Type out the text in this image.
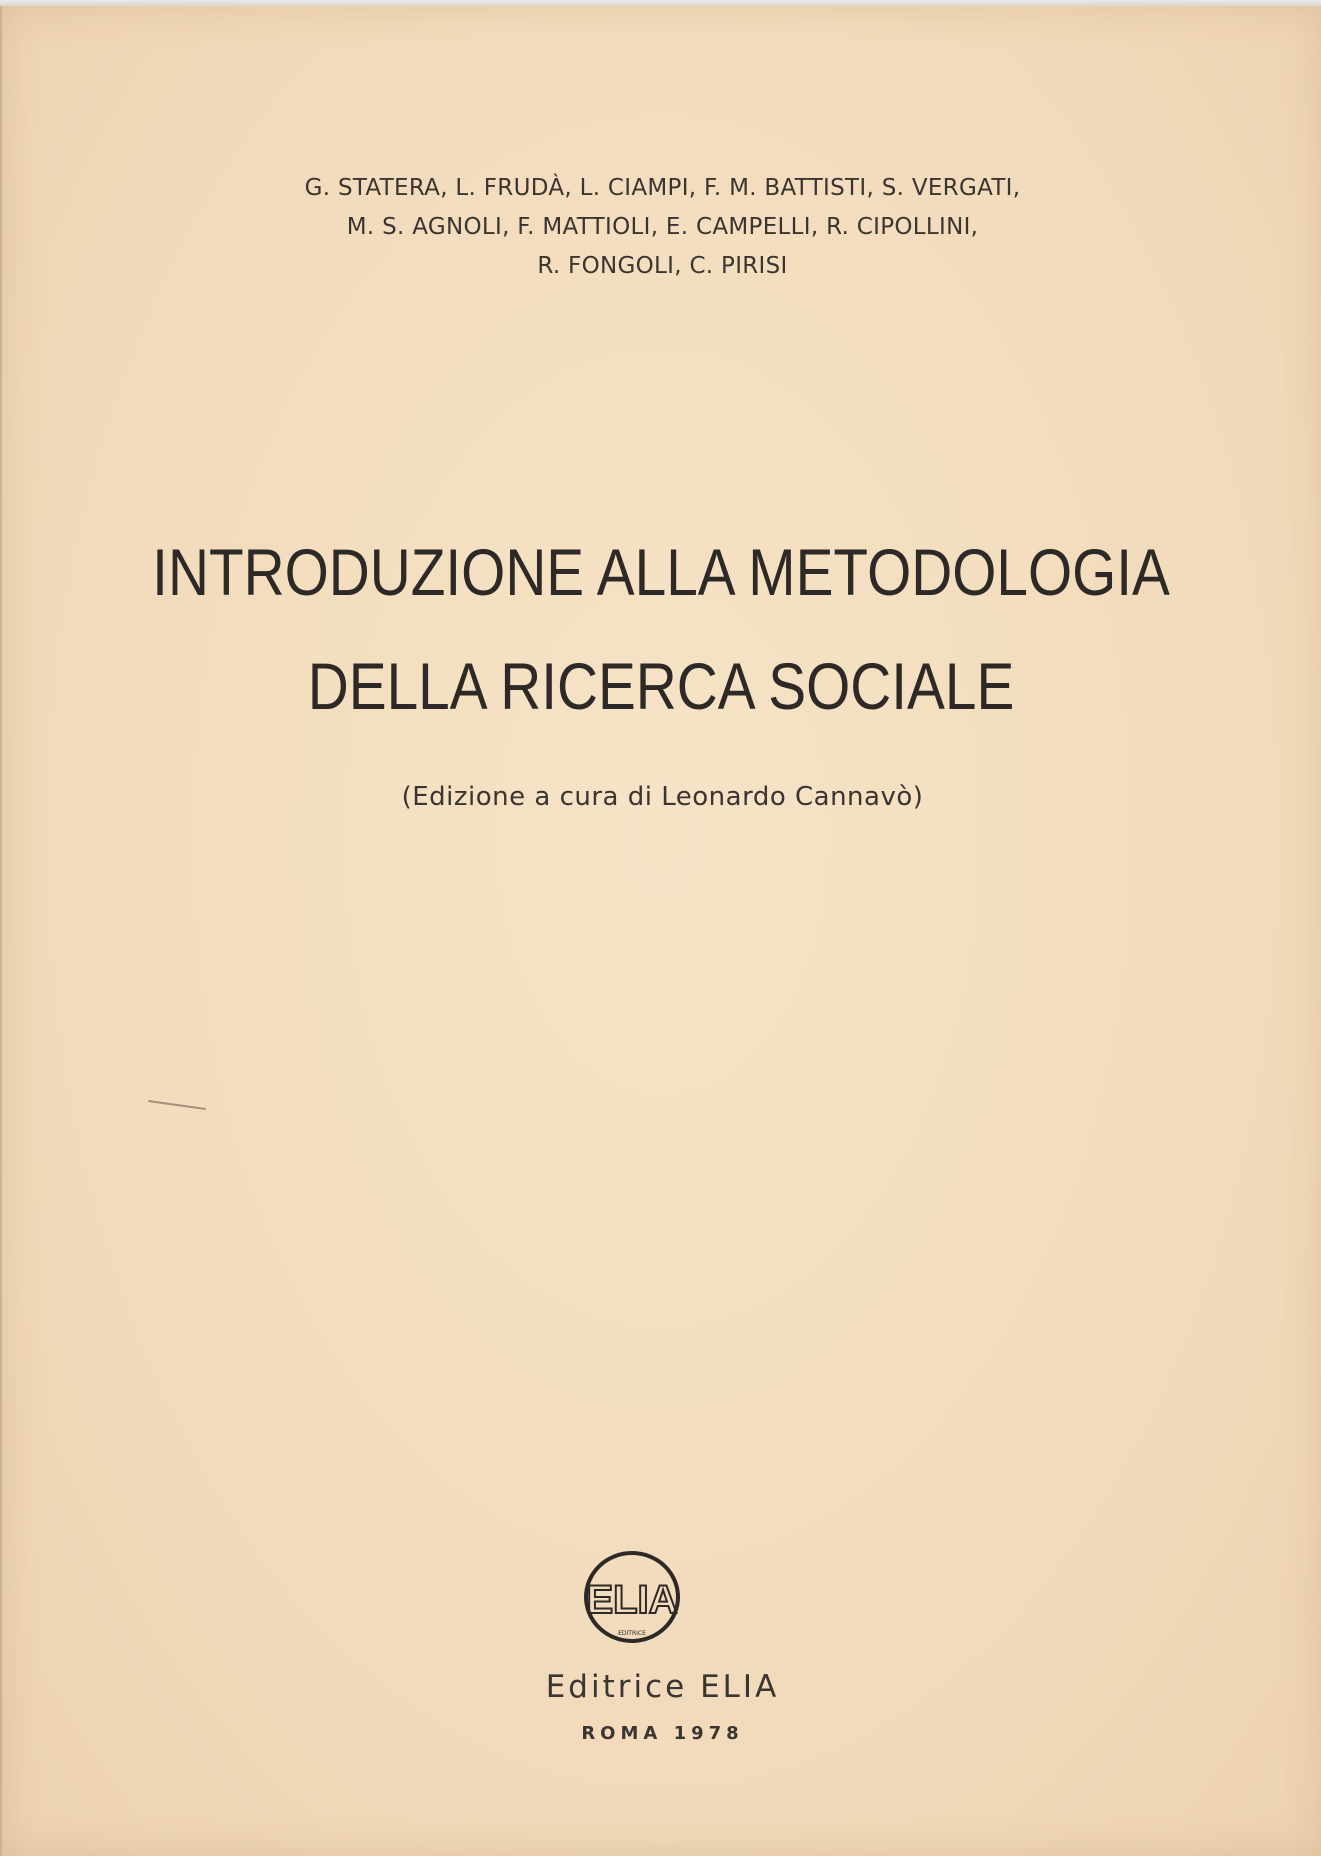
G. STATERA, L. FRUDÀ, L. CIAMPI, F. M. BATTISTI, S. VERGATI,
M. S. AGNOLI, F. MATTIOLI, E. CAMPELLI, R. CIPOLLINI,
R. FONGOLI, C. PIRISI
INTRODUZIONE ALLA METODOLOGIA
DELLA RICERCA SOCIALE
(Edizione a cura di Leonardo Cannavò)
ELIA
EDITRICE
Editrice ELIA
ROMA 1978
